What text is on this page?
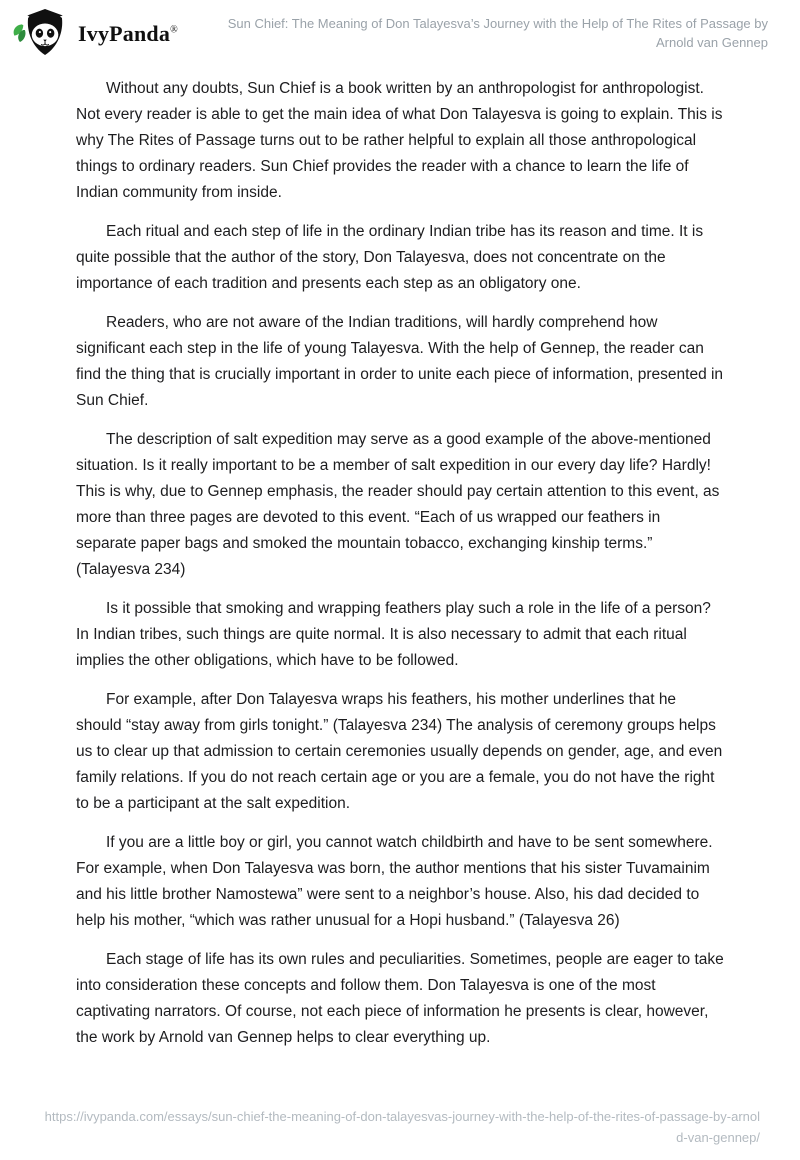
IvyPanda®	Sun Chief: The Meaning of Don Talayesva’s Journey with the Help of The Rites of Passage by Arnold van Gennep

Without any doubts, Sun Chief is a book written by an anthropologist for anthropologist. Not every reader is able to get the main idea of what Don Talayesva is going to explain. This is why The Rites of Passage turns out to be rather helpful to explain all those anthropological things to ordinary readers. Sun Chief provides the reader with a chance to learn the life of Indian community from inside.

Each ritual and each step of life in the ordinary Indian tribe has its reason and time. It is quite possible that the author of the story, Don Talayesva, does not concentrate on the importance of each tradition and presents each step as an obligatory one.

Readers, who are not aware of the Indian traditions, will hardly comprehend how significant each step in the life of young Talayesva. With the help of Gennep, the reader can find the thing that is crucially important in order to unite each piece of information, presented in Sun Chief.

The description of salt expedition may serve as a good example of the above-mentioned situation. Is it really important to be a member of salt expedition in our every day life? Hardly! This is why, due to Gennep emphasis, the reader should pay certain attention to this event, as more than three pages are devoted to this event. “Each of us wrapped our feathers in separate paper bags and smoked the mountain tobacco, exchanging kinship terms.” (Talayesva 234)

Is it possible that smoking and wrapping feathers play such a role in the life of a person? In Indian tribes, such things are quite normal. It is also necessary to admit that each ritual implies the other obligations, which have to be followed.

For example, after Don Talayesva wraps his feathers, his mother underlines that he should “stay away from girls tonight.” (Talayesva 234) The analysis of ceremony groups helps us to clear up that admission to certain ceremonies usually depends on gender, age, and even family relations. If you do not reach certain age or you are a female, you do not have the right to be a participant at the salt expedition.

If you are a little boy or girl, you cannot watch childbirth and have to be sent somewhere. For example, when Don Talayesva was born, the author mentions that his sister Tuvamainim and his little brother Namostewa” were sent to a neighbor’s house. Also, his dad decided to help his mother, “which was rather unusual for a Hopi husband.” (Talayesva 26)

Each stage of life has its own rules and peculiarities. Sometimes, people are eager to take into consideration these concepts and follow them. Don Talayesva is one of the most captivating narrators. Of course, not each piece of information he presents is clear, however, the work by Arnold van Gennep helps to clear everything up.

https://ivypanda.com/essays/sun-chief-the-meaning-of-don-talayesvas-journey-with-the-help-of-the-rites-of-passage-by-arnold-van-gennep/
